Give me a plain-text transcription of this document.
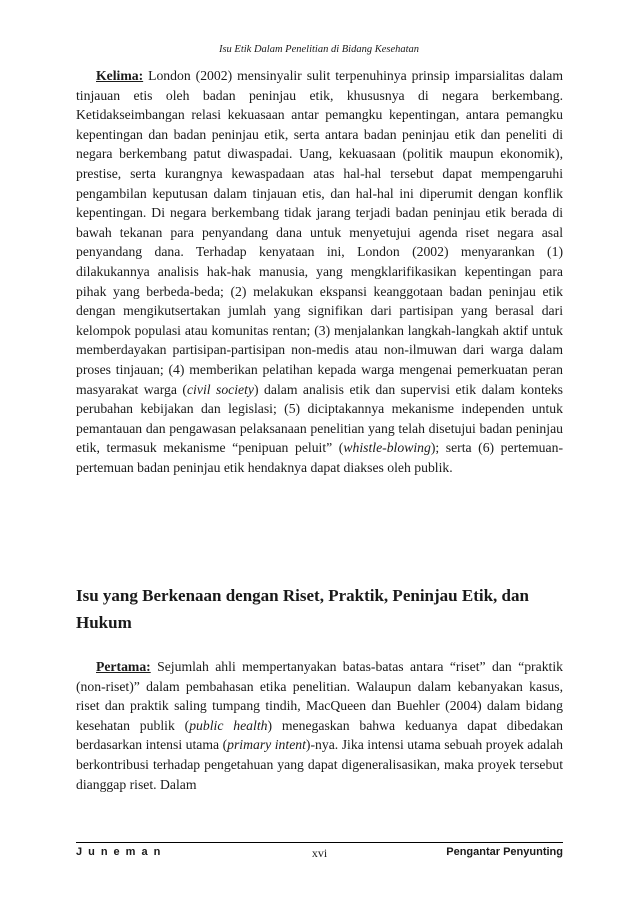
Isu Etik Dalam Penelitian di Bidang Kesehatan

Kelima: London (2002) mensinyalir sulit terpenuhinya prinsip imparsialitas dalam tinjauan etis oleh badan peninjau etik, khususnya di negara berkembang. Ketidakseimbangan relasi kekuasaan antar pemangku kepentingan, antara pemangku kepentingan dan badan peninjau etik, serta antara badan peninjau etik dan peneliti di negara berkembang patut diwaspadai. Uang, kekuasaan (politik maupun ekonomik), prestise, serta kurangnya kewaspadaan atas hal-hal tersebut dapat mempengaruhi pengambilan keputusan dalam tinjauan etis, dan hal-hal ini diperumit dengan konflik kepentingan. Di negara berkembang tidak jarang terjadi badan peninjau etik berada di bawah tekanan para penyandang dana untuk menyetujui agenda riset negara asal penyandang dana. Terhadap kenyataan ini, London (2002) menyarankan (1) dilakukannya analisis hak-hak manusia, yang mengklarifikasikan kepentingan para pihak yang berbeda-beda; (2) melakukan ekspansi keanggotaan badan peninjau etik dengan mengikutsertakan jumlah yang signifikan dari partisipan yang berasal dari kelompok populasi atau komunitas rentan; (3) menjalankan langkah-langkah aktif untuk memberdayakan partisipan-partisipan non-medis atau non-ilmuwan dari warga dalam proses tinjauan; (4) memberikan pelatihan kepada warga mengenai pemerkuatan peran masyarakat warga (civil society) dalam analisis etik dan supervisi etik dalam konteks perubahan kebijakan dan legislasi; (5) diciptakannya mekanisme independen untuk pemantauan dan pengawasan pelaksanaan penelitian yang telah disetujui badan peninjau etik, termasuk mekanisme “penipuan peluit” (whistle-blowing); serta (6) pertemuan-pertemuan badan peninjau etik hendaknya dapat diakses oleh publik.

Isu yang Berkenaan dengan Riset, Praktik, Peninjau Etik, dan Hukum

Pertama: Sejumlah ahli mempertanyakan batas-batas antara “riset” dan “praktik (non-riset)” dalam pembahasan etika penelitian. Walaupun dalam kebanyakan kasus, riset dan praktik saling tumpang tindih, MacQueen dan Buehler (2004) dalam bidang kesehatan publik (public health) menegaskan bahwa keduanya dapat dibedakan berdasarkan intensi utama (primary intent)-nya. Jika intensi utama sebuah proyek adalah berkontribusi terhadap pengetahuan yang dapat digeneralisasikan, maka proyek tersebut dianggap riset. Dalam

Juneman	xvi	Pengantar Penyunting
